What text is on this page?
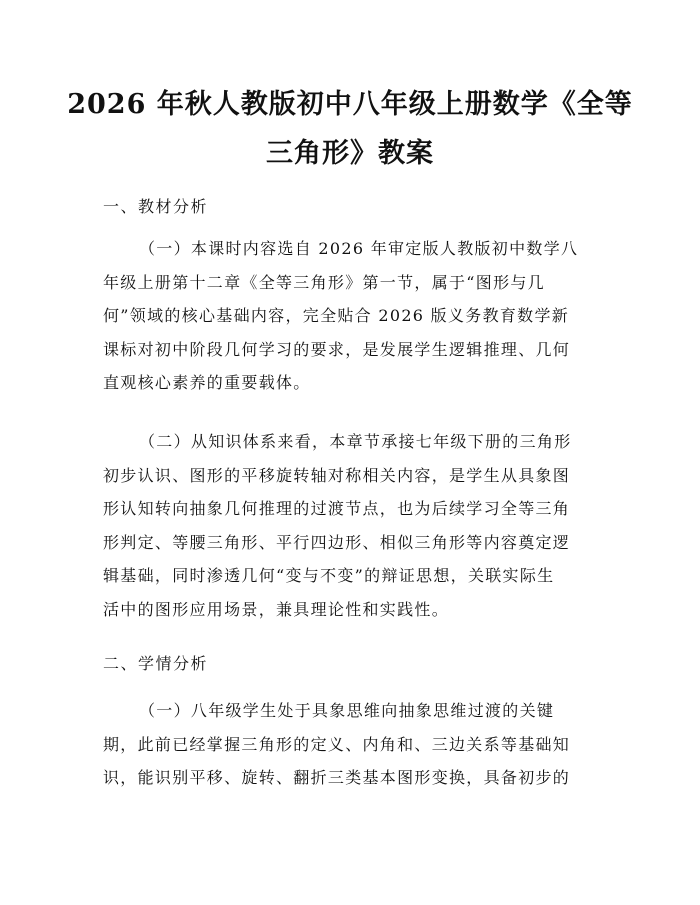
2026 年秋人教版初中八年级上册数学《全等
三角形》教案
一、教材分析
（一）本课时内容选自 2026 年审定版人教版初中数学八
年级上册第十二章《全等三角形》第一节，属于“图形与几
何”领域的核心基础内容，完全贴合 2026 版义务教育数学新
课标对初中阶段几何学习的要求，是发展学生逻辑推理、几何
直观核心素养的重要载体。
（二）从知识体系来看，本章节承接七年级下册的三角形
初步认识、图形的平移旋转轴对称相关内容，是学生从具象图
形认知转向抽象几何推理的过渡节点，也为后续学习全等三角
形判定、等腰三角形、平行四边形、相似三角形等内容奠定逻
辑基础，同时渗透几何“变与不变”的辩证思想，关联实际生
活中的图形应用场景，兼具理论性和实践性。
二、学情分析
（一）八年级学生处于具象思维向抽象思维过渡的关键
期，此前已经掌握三角形的定义、内角和、三边关系等基础知
识，能识别平移、旋转、翻折三类基本图形变换，具备初步的
